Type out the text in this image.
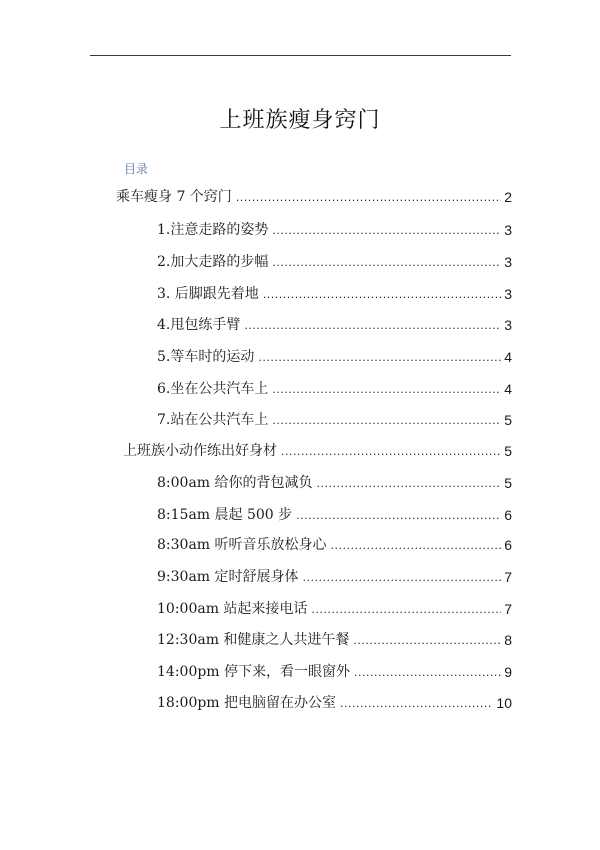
上班族瘦身窍门
目录
乘车瘦身 7 个窍门 .....	2
1.注意走路的姿势 .....	3
2.加大走路的步幅 .....	3
3. 后脚跟先着地 .....	3
4.甩包练手臂 .....	3
5.等车时的运动 .....	4
6.坐在公共汽车上 .....	4
7.站在公共汽车上 .....	5
上班族小动作练出好身材 .....	5
8:00am 给你的背包减负 .....	5
8:15am 晨起 500 步 .....	6
8:30am 听听音乐放松身心 .....	6
9:30am 定时舒展身体 .....	7
10:00am 站起来接电话 .....	7
12:30am 和健康之人共进午餐 .....	8
14:00pm 停下来，看一眼窗外 .....	9
18:00pm 把电脑留在办公室 .....	10
